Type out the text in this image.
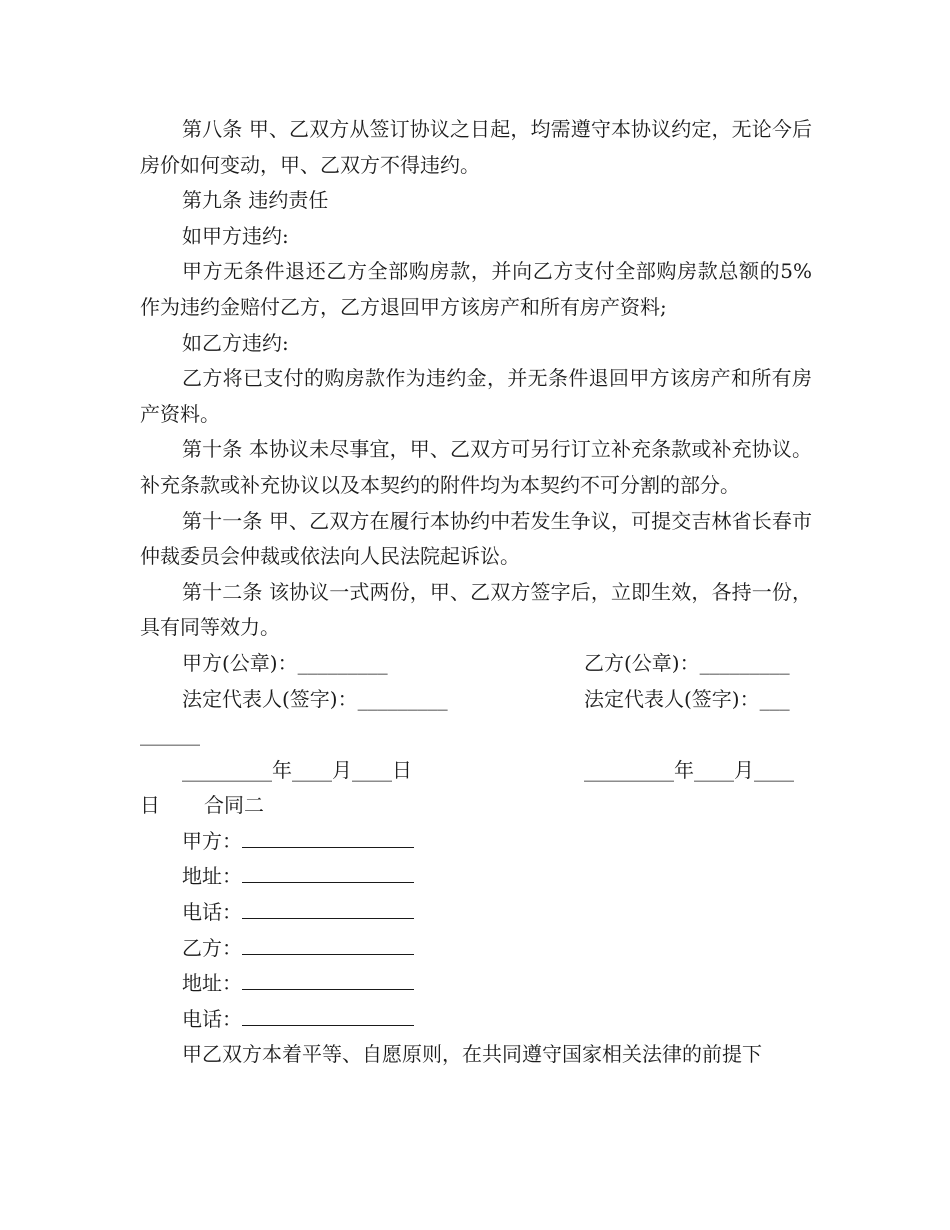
第八条 甲、乙双方从签订协议之日起，均需遵守本协议约定，无论今后房价如何变动，甲、乙双方不得违约。

第九条 违约责任

如甲方违约:

甲方无条件退还乙方全部购房款，并向乙方支付全部购房款总额的5%作为违约金赔付乙方，乙方退回甲方该房产和所有房产资料;

如乙方违约:

乙方将已支付的购房款作为违约金，并无条件退回甲方该房产和所有房产资料。

第十条 本协议未尽事宜，甲、乙双方可另行订立补充条款或补充协议。补充条款或补充协议以及本契约的附件均为本契约不可分割的部分。

第十一条 甲、乙双方在履行本协约中若发生争议，可提交吉林省长春市仲裁委员会仲裁或依法向人民法院起诉讼。

第十二条 该协议一式两份，甲、乙双方签字后，立即生效，各持一份，具有同等效力。

甲方(公章)：_________	乙方(公章)：_________
法定代表人(签字)：_________	法定代表人(签字)：___
______
_________年____月____日	_________年____月____
日 合同二
甲方：
地址：
电话：
乙方：
地址：
电话：

甲乙双方本着平等、自愿原则，在共同遵守国家相关法律的前提下
